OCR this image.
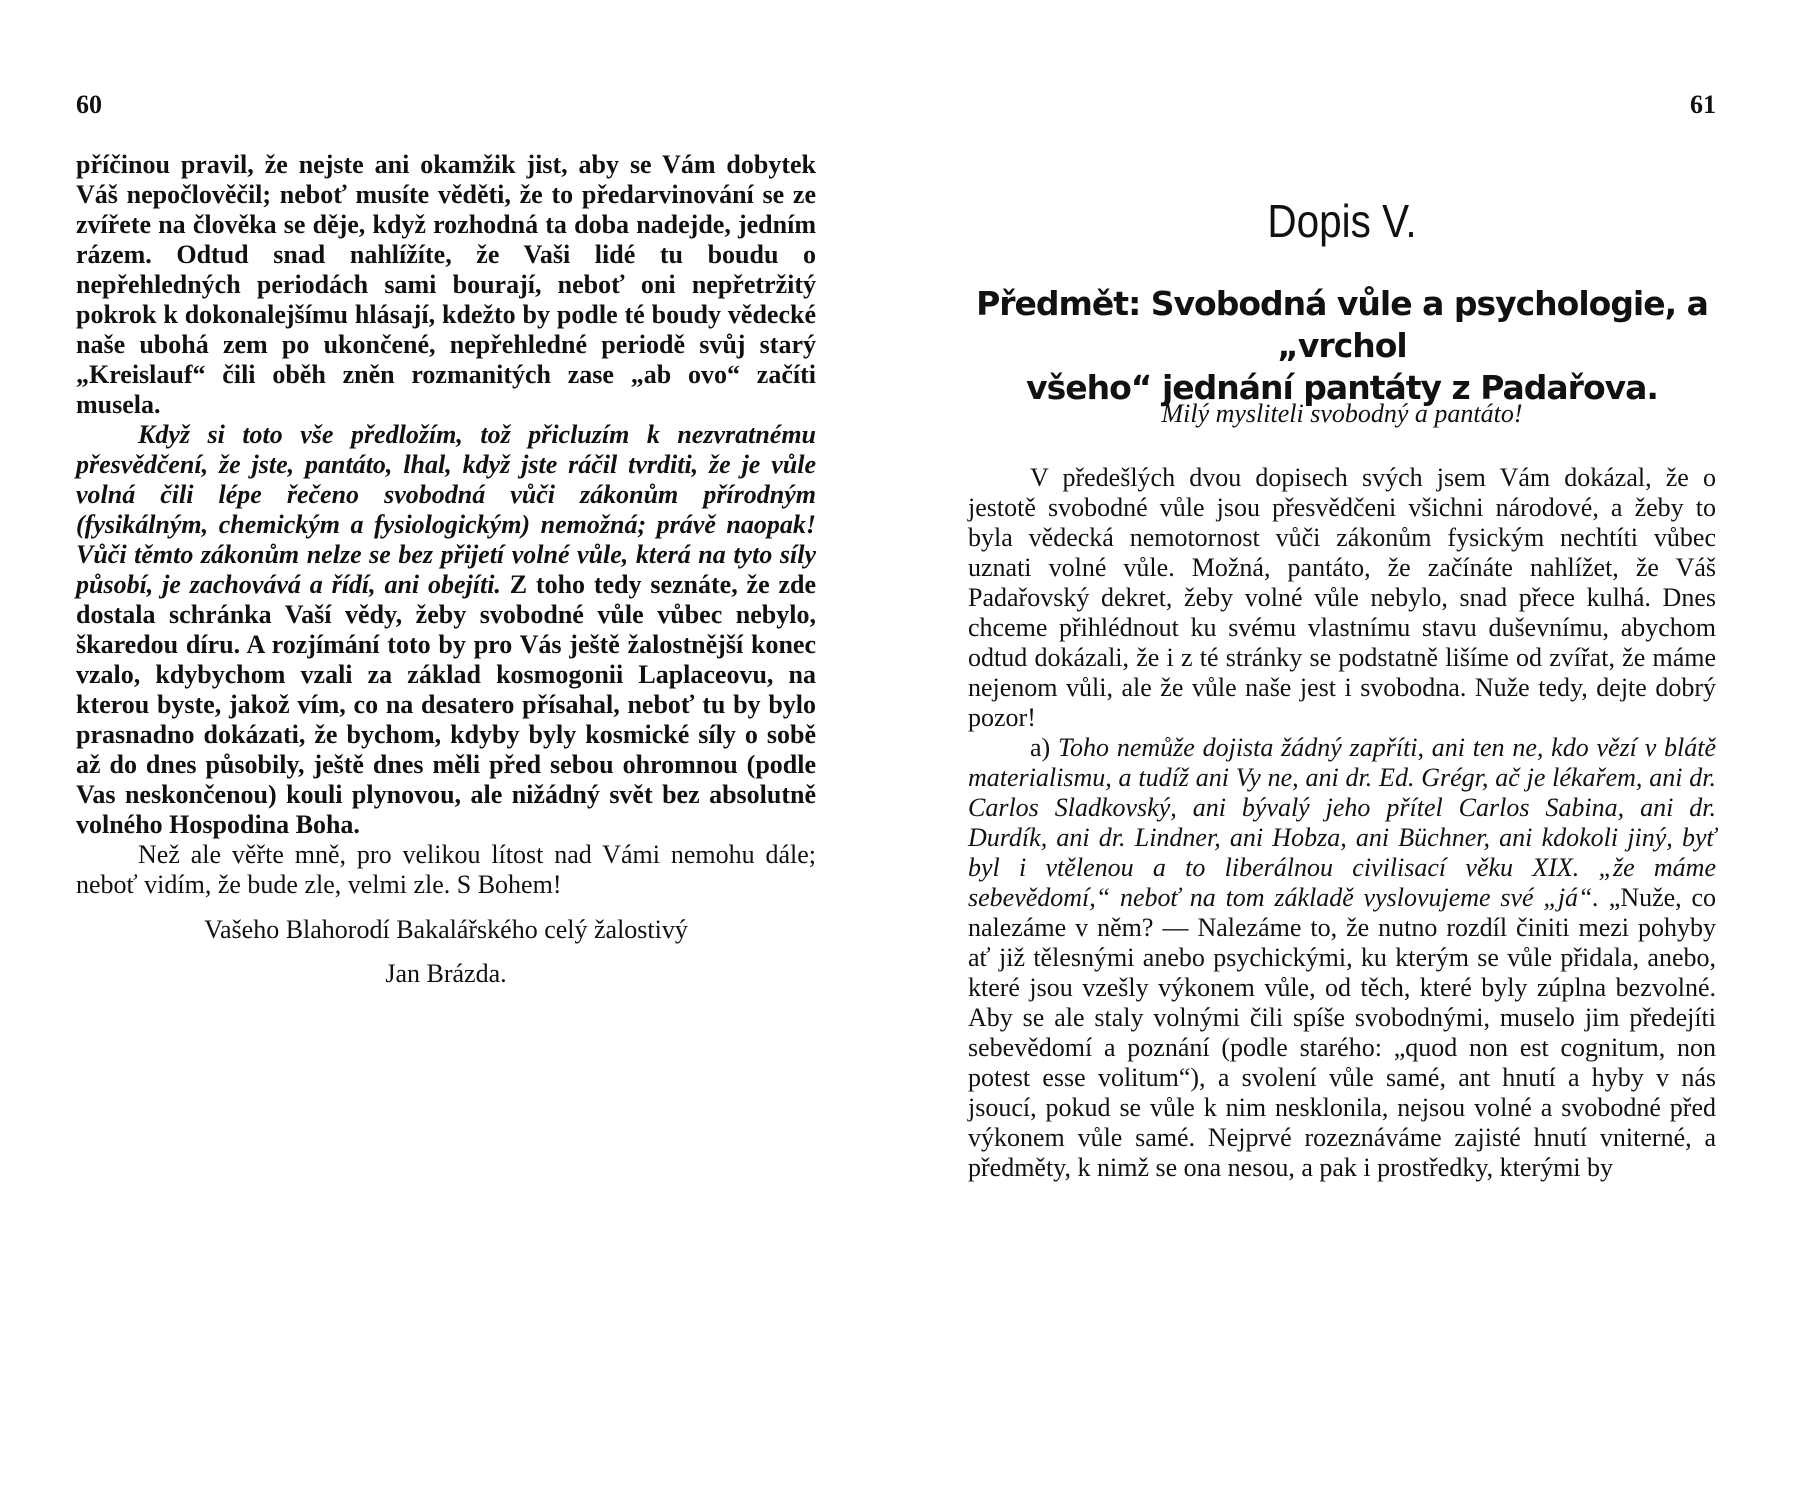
60

příčinou pravil, že nejste ani okamžik jist, aby se Vám dobytek Váš nepočlověčil; neboť musíte věděti, že to předarvinování se ze zvířete na člověka se děje, když rozhodná ta doba nadejde, jedním rázem. Odtud snad nahlížíte, že Vaši lidé tu boudu o nepřehledných periodách sami bourají, neboť oni nepřetržitý pokrok k dokonalejšímu hlásají, kdežto by podle té boudy vědecké naše ubohá zem po ukončené, nepřehledné periodě svůj starý „Kreislauf“ čili oběh zněn rozmanitých zase „ab ovo“ začíti musela.

Když si toto vše předložím, tož přicluzím k nezvratnému přesvědčení, že jste, pantáto, lhal, když jste ráčil tvrditi, že je vůle volná čili lépe řečeno svobodná vůči zákonům přírodným (fysikálným, chemickým a fysiologickým) nemožná; právě naopak! Vůči těmto zákonům nelze se bez přijetí volné vůle, která na tyto síly působí, je zachovává a řídí, ani obejíti. Z toho tedy seznáte, že zde dostala schránka Vaší vědy, žeby svobodné vůle vůbec nebylo, škaredou díru. A rozjímání toto by pro Vás ještě žalostnější konec vzalo, kdybychom vzali za základ kosmogonii Laplaceovu, na kterou byste, jakož vím, co na desatero přísahal, neboť tu by bylo prasnadno dokázati, že bychom, kdyby byly kosmické síly o sobě až do dnes působily, ještě dnes měli před sebou ohromnou (podle Vas neskončenou) kouli plynovou, ale nižádný svět bez absolutně volného Hospodina Boha.

Než ale věřte mně, pro velikou lítost nad Vámi nemohu dále; neboť vidím, že bude zle, velmi zle. S Bohem!

Vašeho Blahorodí Bakalářského celý žalostivý
Jan Brázda.
61
Dopis V.
Předmět: Svobodná vůle a psychologie, a „vrchol
všeho“ jednání pantáty z Padařova.
Milý mysliteli svobodný a pantáto!

V předešlých dvou dopisech svých jsem Vám dokázal, že o jestotě svobodné vůle jsou přesvědčeni všichni národové, a žeby to byla vědecká nemotornost vůči zákonům fysickým nechtíti vůbec uznati volné vůle. Možná, pantáto, že začínáte nahlížet, že Váš Padařovský dekret, žeby volné vůle nebylo, snad přece kulhá. Dnes chceme přihlédnout ku svému vlastnímu stavu duševnímu, abychom odtud dokázali, že i z té stránky se podstatně lišíme od zvířat, že máme nejenom vůli, ale že vůle naše jest i svobodna. Nuže tedy, dejte dobrý pozor!

a) Toho nemůže dojista žádný zapříti, ani ten ne, kdo vězí v blátě materialismu, a tudíž ani Vy ne, ani dr. Ed. Grégr, ač je lékařem, ani dr. Carlos Sladkovský, ani bývalý jeho přítel Carlos Sabina, ani dr. Durdík, ani dr. Lindner, ani Hobza, ani Büchner, ani kdokoli jiný, byť byl i vtělenou a to liberálnou civilisací věku XIX. „že máme sebevědomí,“ neboť na tom základě vyslovujeme své „já“. „Nuže, co nalezáme v něm? — Nalezáme to, že nutno rozdíl činiti mezi pohyby ať již tělesnými anebo psychickými, ku kterým se vůle přidala, anebo, které jsou vzešly výkonem vůle, od těch, které byly zúplna bezvolné. Aby se ale staly volnými čili spíše svobodnými, muselo jim předejíti sebevědomí a poznání (podle starého: „quod non est cognitum, non potest esse volitum“), a svolení vůle samé, ant hnutí a hyby v nás jsoucí, pokud se vůle k nim nesklonila, nejsou volné a svobodné před výkonem vůle samé. Nejprvé rozeznáváme zajisté hnutí vniterné, a předměty, k nimž se ona nesou, a pak i prostředky, kterými by
